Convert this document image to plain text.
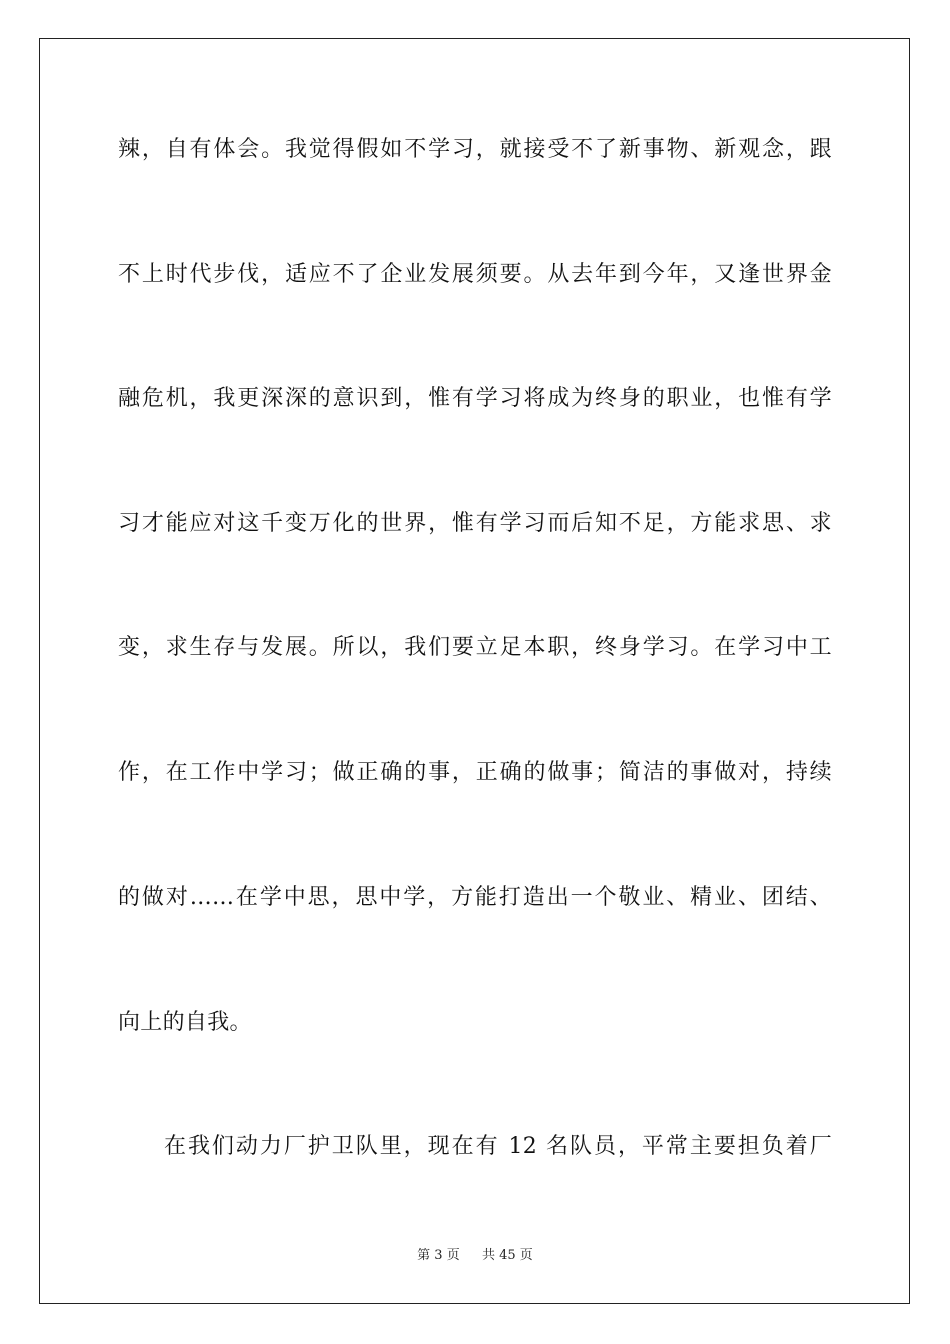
辣，自有体会。我觉得假如不学习，就接受不了新事物、新观念，跟

不上时代步伐，适应不了企业发展须要。从去年到今年，又逢世界金

融危机，我更深深的意识到，惟有学习将成为终身的职业，也惟有学

习才能应对这千变万化的世界，惟有学习而后知不足，方能求思、求

变，求生存与发展。所以，我们要立足本职，终身学习。在学习中工

作，在工作中学习；做正确的事，正确的做事；简洁的事做对，持续

的做对……在学中思，思中学，方能打造出一个敬业、精业、团结、

向上的自我。

在我们动力厂护卫队里，现在有 12 名队员，平常主要担负着厂

第 3 页 共 45 页
